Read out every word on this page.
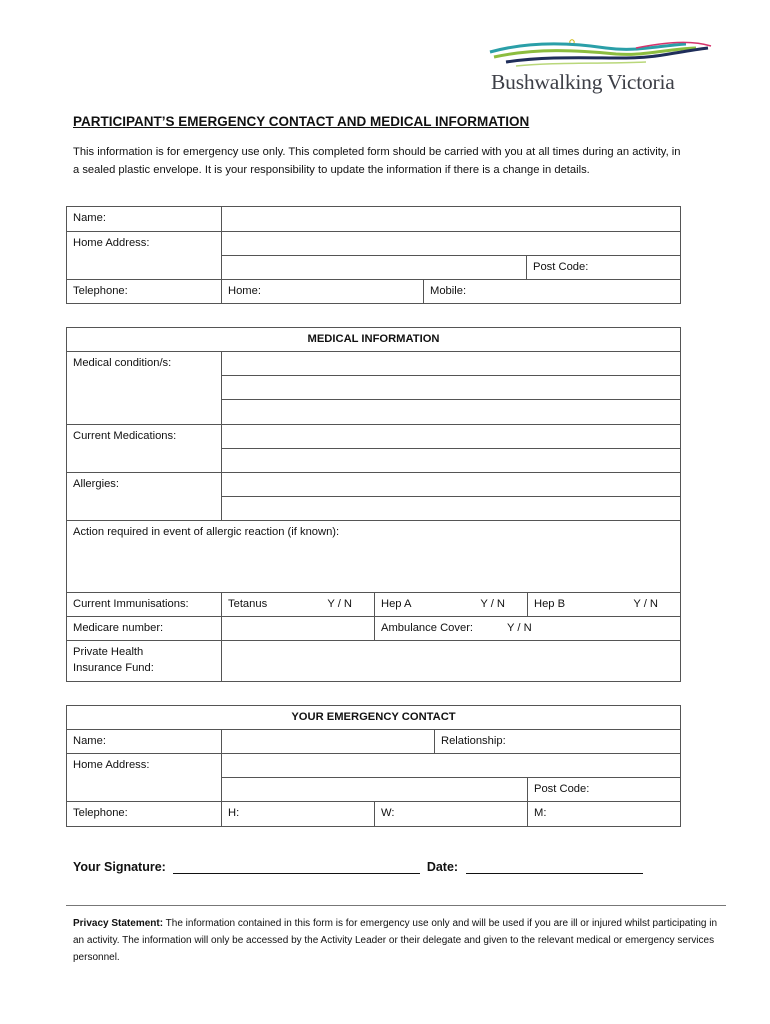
Bushwalking Victoria
PARTICIPANT’S EMERGENCY CONTACT AND MEDICAL INFORMATION
This information is for emergency use only. This completed form should be carried with you at all times during an activity, in a sealed plastic envelope. It is your responsibility to update the information if there is a change in details.
Name:			
Home Address:			
			Post Code:
Telephone:	Home:	Mobile:	
MEDICAL INFORMATION			
Medical condition/s:			

Current Medications:			

Allergies:			

Action required in event of allergic reaction (if known):			
Current Immunisations:	Tetanus Y / N	Hep A Y / N	Hep B Y / N

Medicare number:		Ambulance Cover: Y / N	

Private Health
Insurance Fund:			

YOUR EMERGENCY CONTACT				
Name:			Relationship:	
Home Address:				
				Post Code:
Telephone:	H:	W:		M:
Your Signature:	Date:
Privacy Statement: The information contained in this form is for emergency use only and will be used if you are ill or injured whilst participating in an activity. The information will only be accessed by the Activity Leader or their delegate and given to the relevant medical or emergency services personnel.
